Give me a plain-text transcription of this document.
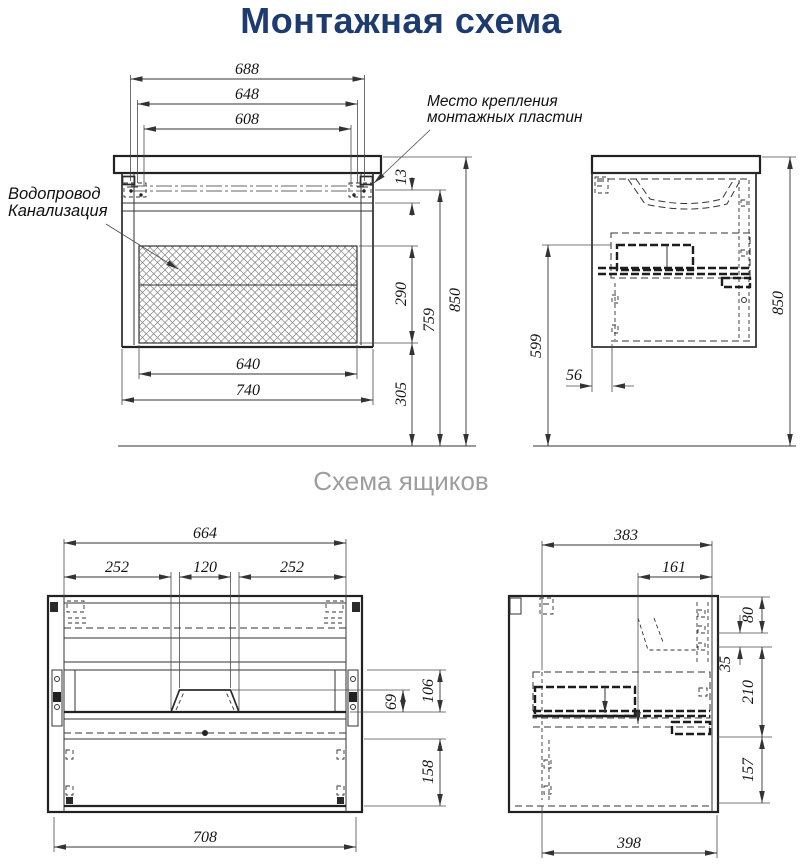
Монтажная схема
Место крепления
монтажных пластин
Водопровод
Канализация
Схема ящиков
688
648
608
640
740
13
290
305
759
850
599
56
850
664
252	120	252
106
69
158
708
383
161
80
35
210
157
398
